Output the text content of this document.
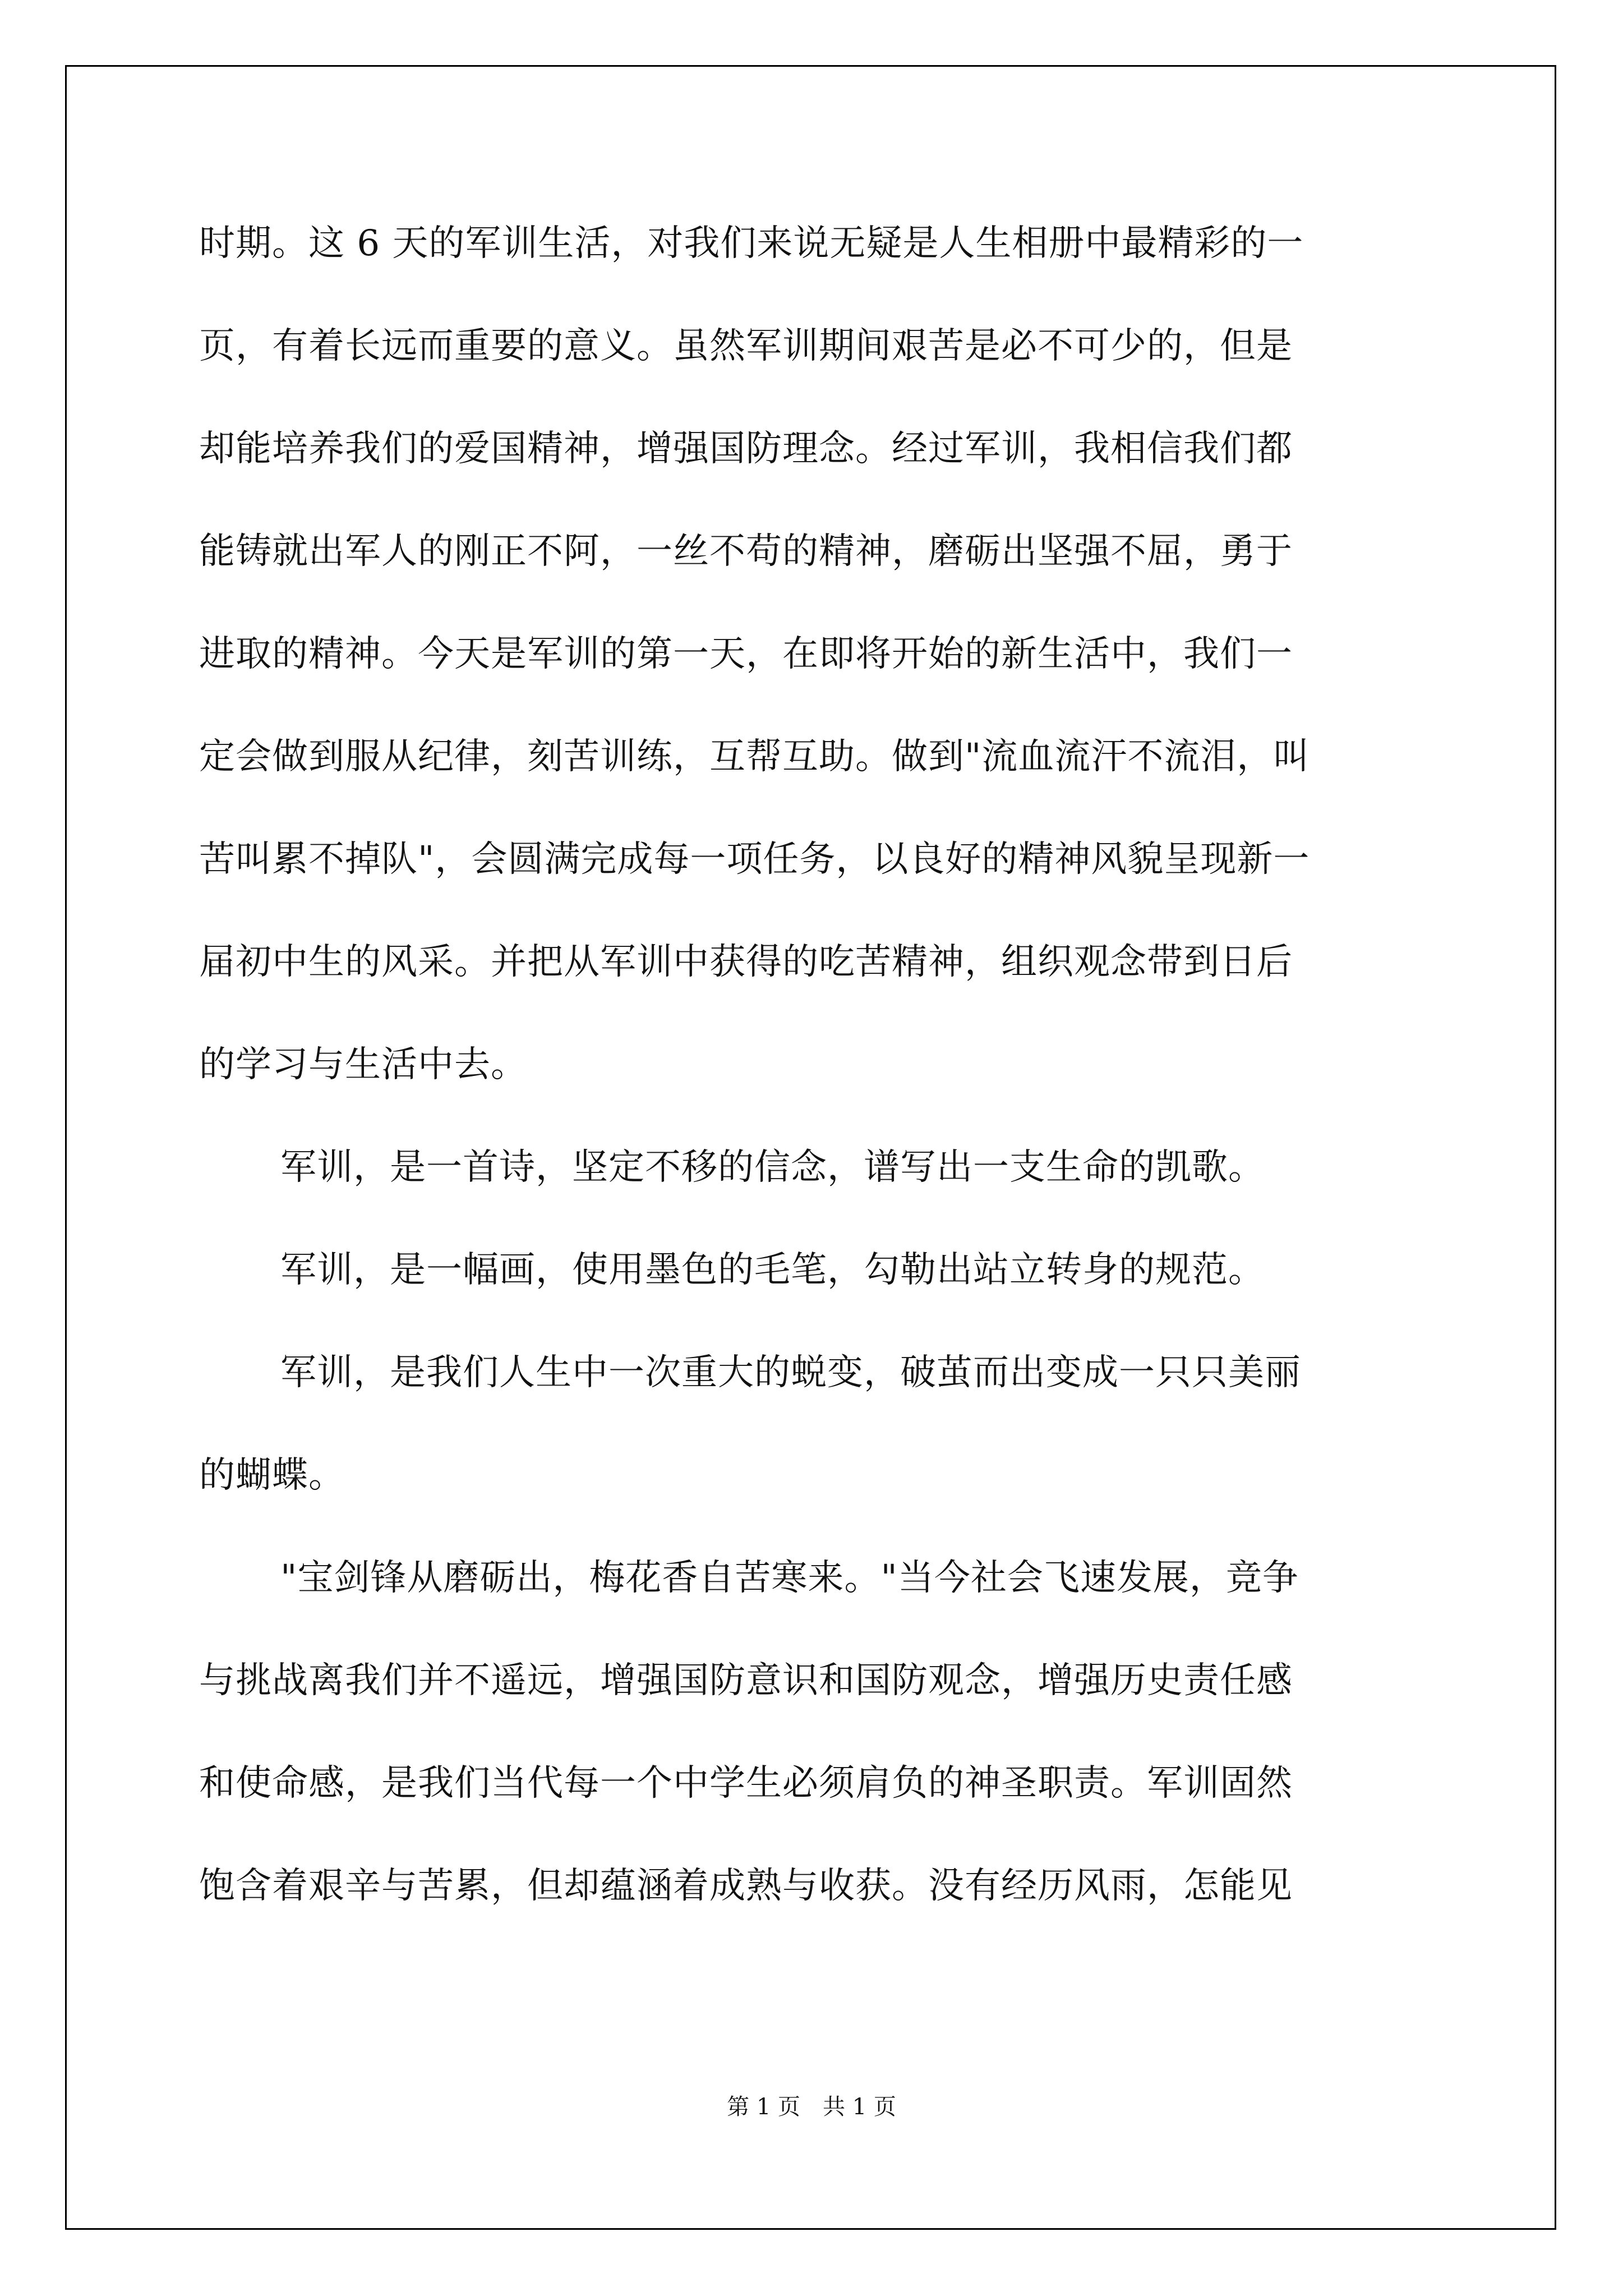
时期。这 6 天的军训生活，对我们来说无疑是人生相册中最精彩的一
页，有着长远而重要的意义。虽然军训期间艰苦是必不可少的，但是
却能培养我们的爱国精神，增强国防理念。经过军训，我相信我们都
能铸就出军人的刚正不阿，一丝不苟的精神，磨砺出坚强不屈，勇于
进取的精神。今天是军训的第一天，在即将开始的新生活中，我们一
定会做到服从纪律，刻苦训练，互帮互助。做到"流血流汗不流泪，叫
苦叫累不掉队"，会圆满完成每一项任务，以良好的精神风貌呈现新一
届初中生的风采。并把从军训中获得的吃苦精神，组织观念带到日后
的学习与生活中去。
军训，是一首诗，坚定不移的信念，谱写出一支生命的凯歌。
军训，是一幅画，使用墨色的毛笔，勾勒出站立转身的规范。
军训，是我们人生中一次重大的蜕变，破茧而出变成一只只美丽
的蝴蝶。
"宝剑锋从磨砺出，梅花香自苦寒来。"当今社会飞速发展，竞争
与挑战离我们并不遥远，增强国防意识和国防观念，增强历史责任感
和使命感，是我们当代每一个中学生必须肩负的神圣职责。军训固然
饱含着艰辛与苦累，但却蕴涵着成熟与收获。没有经历风雨，怎能见
第 1 页　共 1 页
